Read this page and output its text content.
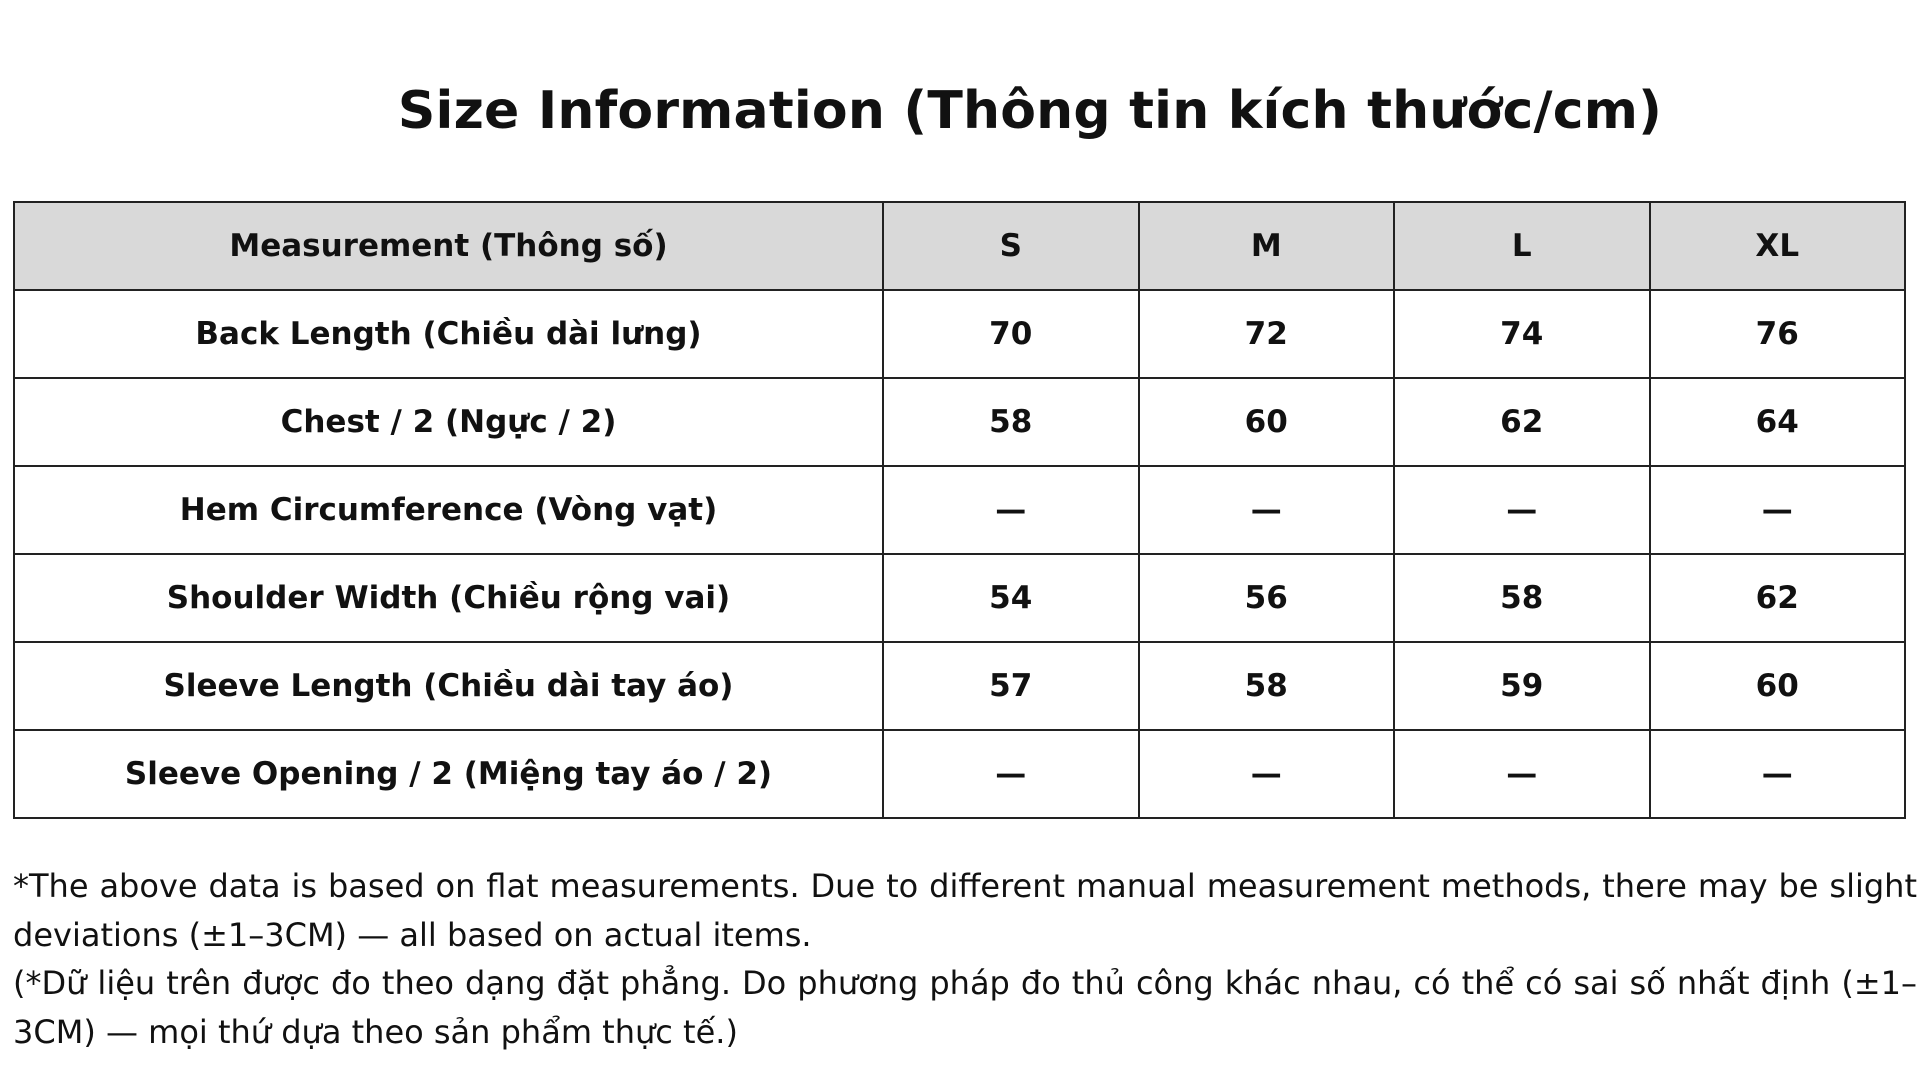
Size Information (Thông tin kích thước/cm)
Measurement (Thông số)	S	M	L	XL
Back Length (Chiều dài lưng)	70	72	74	76
Chest / 2 (Ngực / 2)	58	60	62	64
Hem Circumference (Vòng vạt)	—	—	—	—
Shoulder Width (Chiều rộng vai)	54	56	58	62
Sleeve Length (Chiều dài tay áo)	57	58	59	60
Sleeve Opening / 2 (Miệng tay áo / 2)	—	—	—	—

*The above data is based on flat measurements. Due to different manual measurement methods, there may be slight deviations (±1–3CM) — all based on actual items.

(*Dữ liệu trên được đo theo dạng đặt phẳng. Do phương pháp đo thủ công khác nhau, có thể có sai số nhất định (±1–3CM) — mọi thứ dựa theo sản phẩm thực tế.)
